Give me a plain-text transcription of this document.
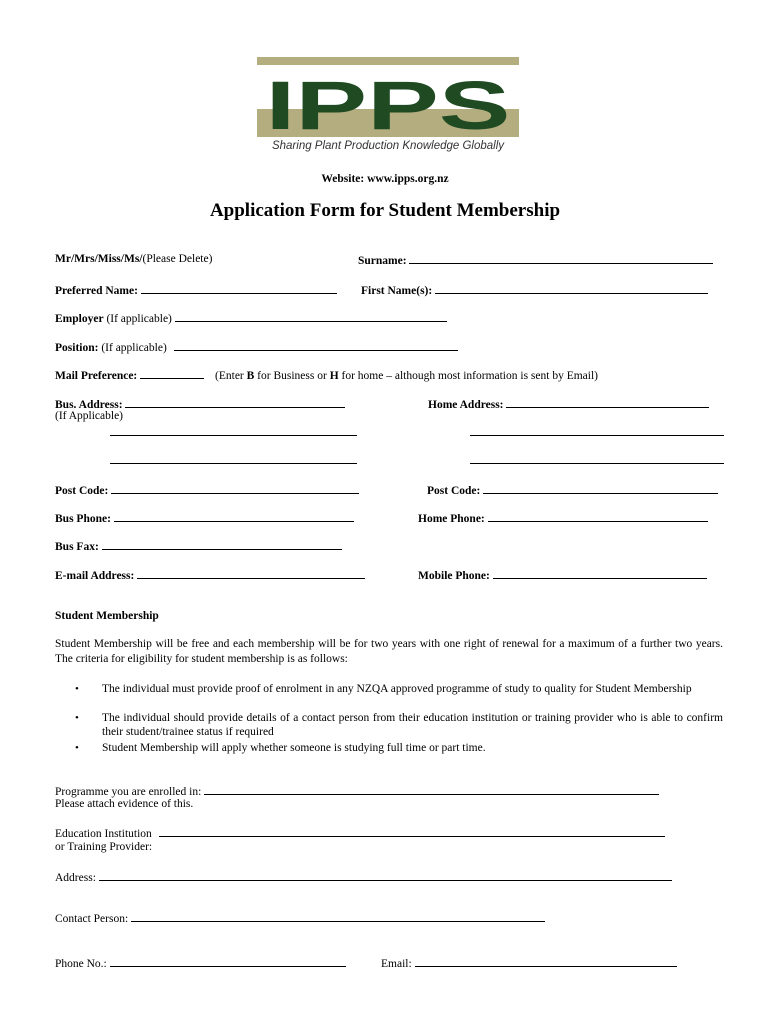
IPPS
Sharing Plant Production Knowledge Globally
Website: www.ipps.org.nz
Application Form for Student Membership
Mr/Mrs/Miss/Ms/(Please Delete)	Surname:
Preferred Name:	First Name(s):
Employer (If applicable)
Position: (If applicable)
Mail Preference:	(Enter B for Business or H for home – although most information is sent by Email)
Bus. Address:
(If Applicable)
Home Address:
Post Code:	Post Code:
Bus Phone:	Home Phone:
Bus Fax:
E-mail Address:	Mobile Phone:
Student Membership
Student Membership will be free and each membership will be for two years with one right of renewal for a maximum of a further two years. The criteria for eligibility for student membership is as follows:
• The individual must provide proof of enrolment in any NZQA approved programme of study to quality for Student Membership
• The individual should provide details of a contact person from their education institution or training provider who is able to confirm their student/trainee status if required
• Student Membership will apply whether someone is studying full time or part time.
Programme you are enrolled in:
Please attach evidence of this.
Education Institution
or Training Provider:
Address:
Contact Person:
Phone No.:	Email:
